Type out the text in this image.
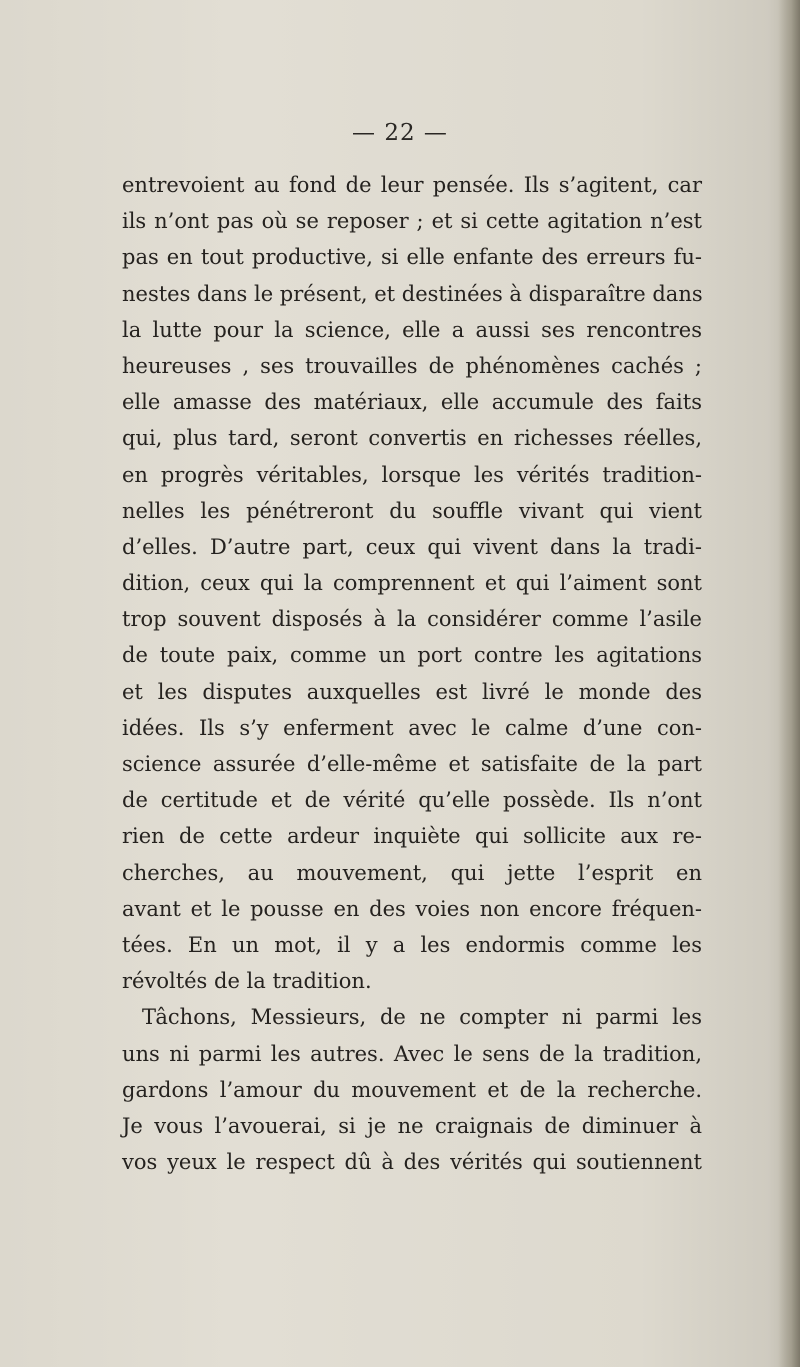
— 22 —
entrevoient au fond de leur pensée. Ils s’agitent, car
ils n’ont pas où se reposer ; et si cette agitation n’est
pas en tout productive, si elle enfante des erreurs fu-
nestes dans le présent, et destinées à disparaître dans
la lutte pour la science, elle a aussi ses rencontres
heureuses , ses trouvailles de phénomènes cachés ;
elle amasse des matériaux, elle accumule des faits
qui, plus tard, seront convertis en richesses réelles,
en progrès véritables, lorsque les vérités tradition-
nelles les pénétreront du souffle vivant qui vient
d’elles. D’autre part, ceux qui vivent dans la tradi-
dition, ceux qui la comprennent et qui l’aiment sont
trop souvent disposés à la considérer comme l’asile
de toute paix, comme un port contre les agitations
et les disputes auxquelles est livré le monde des
idées. Ils s’y enferment avec le calme d’une con-
science assurée d’elle-même et satisfaite de la part
de certitude et de vérité qu’elle possède. Ils n’ont
rien de cette ardeur inquiète qui sollicite aux re-
cherches, au mouvement, qui jette l’esprit en
avant et le pousse en des voies non encore fréquen-
tées. En un mot, il y a les endormis comme les
révoltés de la tradition.
Tâchons, Messieurs, de ne compter ni parmi les
uns ni parmi les autres. Avec le sens de la tradition,
gardons l’amour du mouvement et de la recherche.
Je vous l’avouerai, si je ne craignais de diminuer à
vos yeux le respect dû à des vérités qui soutiennent
